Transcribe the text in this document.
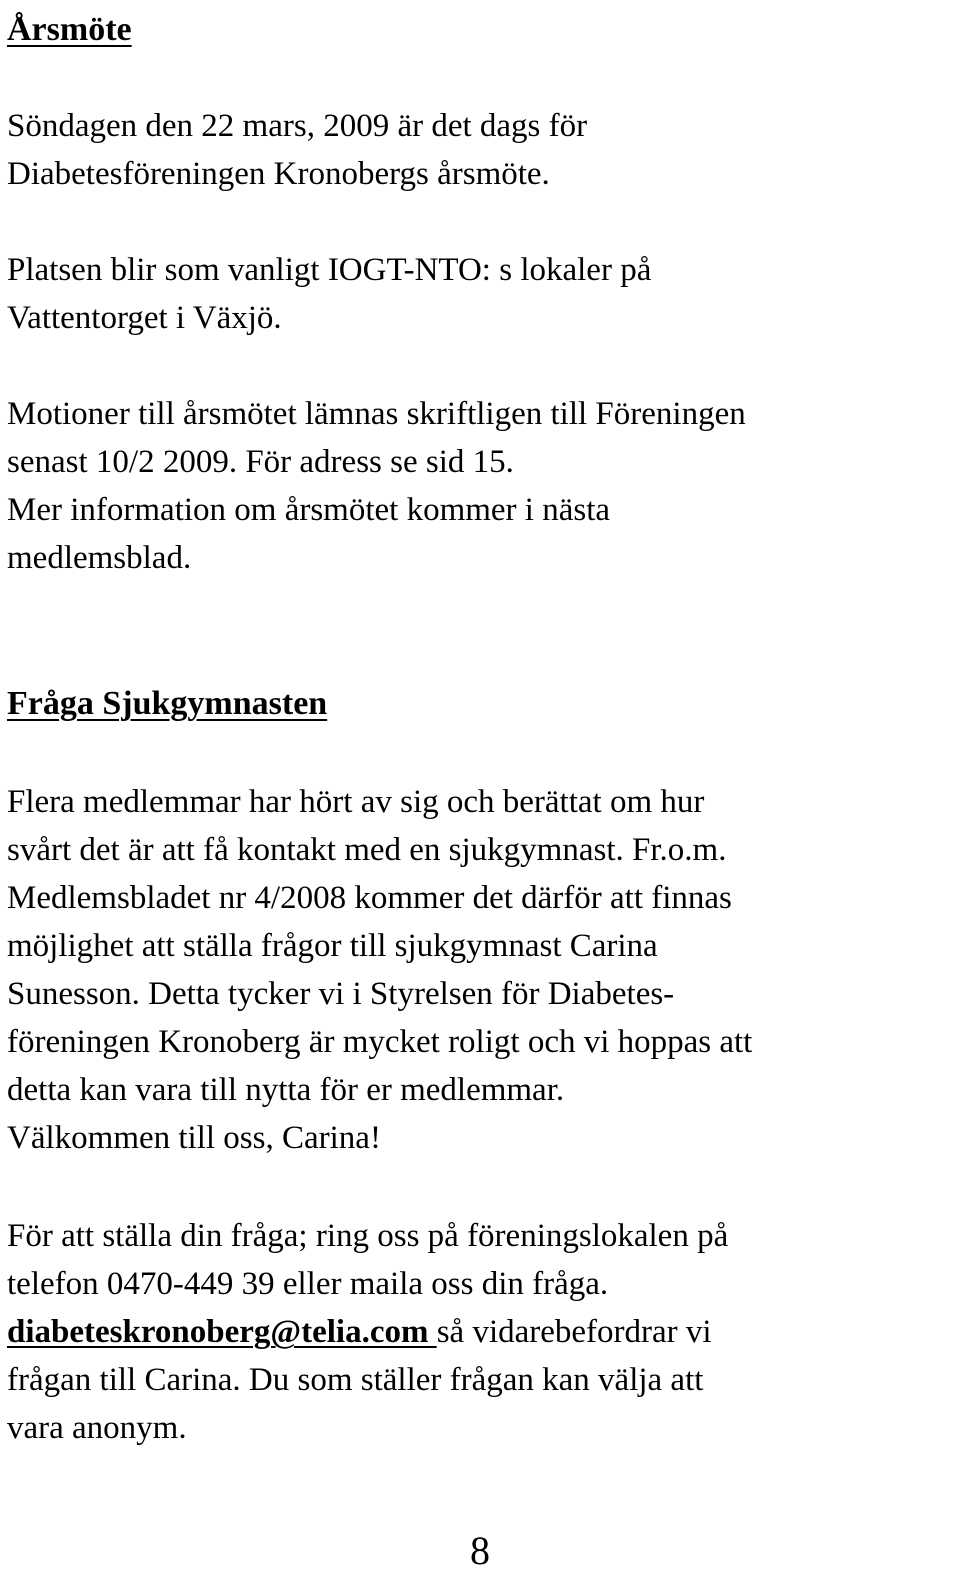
Årsmöte

Söndagen den 22 mars, 2009 är det dags för
Diabetesföreningen Kronobergs årsmöte.

Platsen blir som vanligt IOGT-NTO: s lokaler på
Vattentorget i Växjö.

Motioner till årsmötet lämnas skriftligen till Föreningen
senast 10/2 2009. För adress se sid 15.
Mer information om årsmötet kommer i nästa
medlemsblad.

Fråga Sjukgymnasten

Flera medlemmar har hört av sig och berättat om hur
svårt det är att få kontakt med en sjukgymnast. Fr.o.m.
Medlemsbladet nr 4/2008 kommer det därför att finnas
möjlighet att ställa frågor till sjukgymnast Carina
Sunesson. Detta tycker vi i Styrelsen för Diabetes-
föreningen Kronoberg är mycket roligt och vi hoppas att
detta kan vara till nytta för er medlemmar.
Välkommen till oss, Carina!

För att ställa din fråga; ring oss på föreningslokalen på
telefon 0470-449 39 eller maila oss din fråga.
diabeteskronoberg@telia.com så vidarebefordrar vi
frågan till Carina. Du som ställer frågan kan välja att
vara anonym.

8
